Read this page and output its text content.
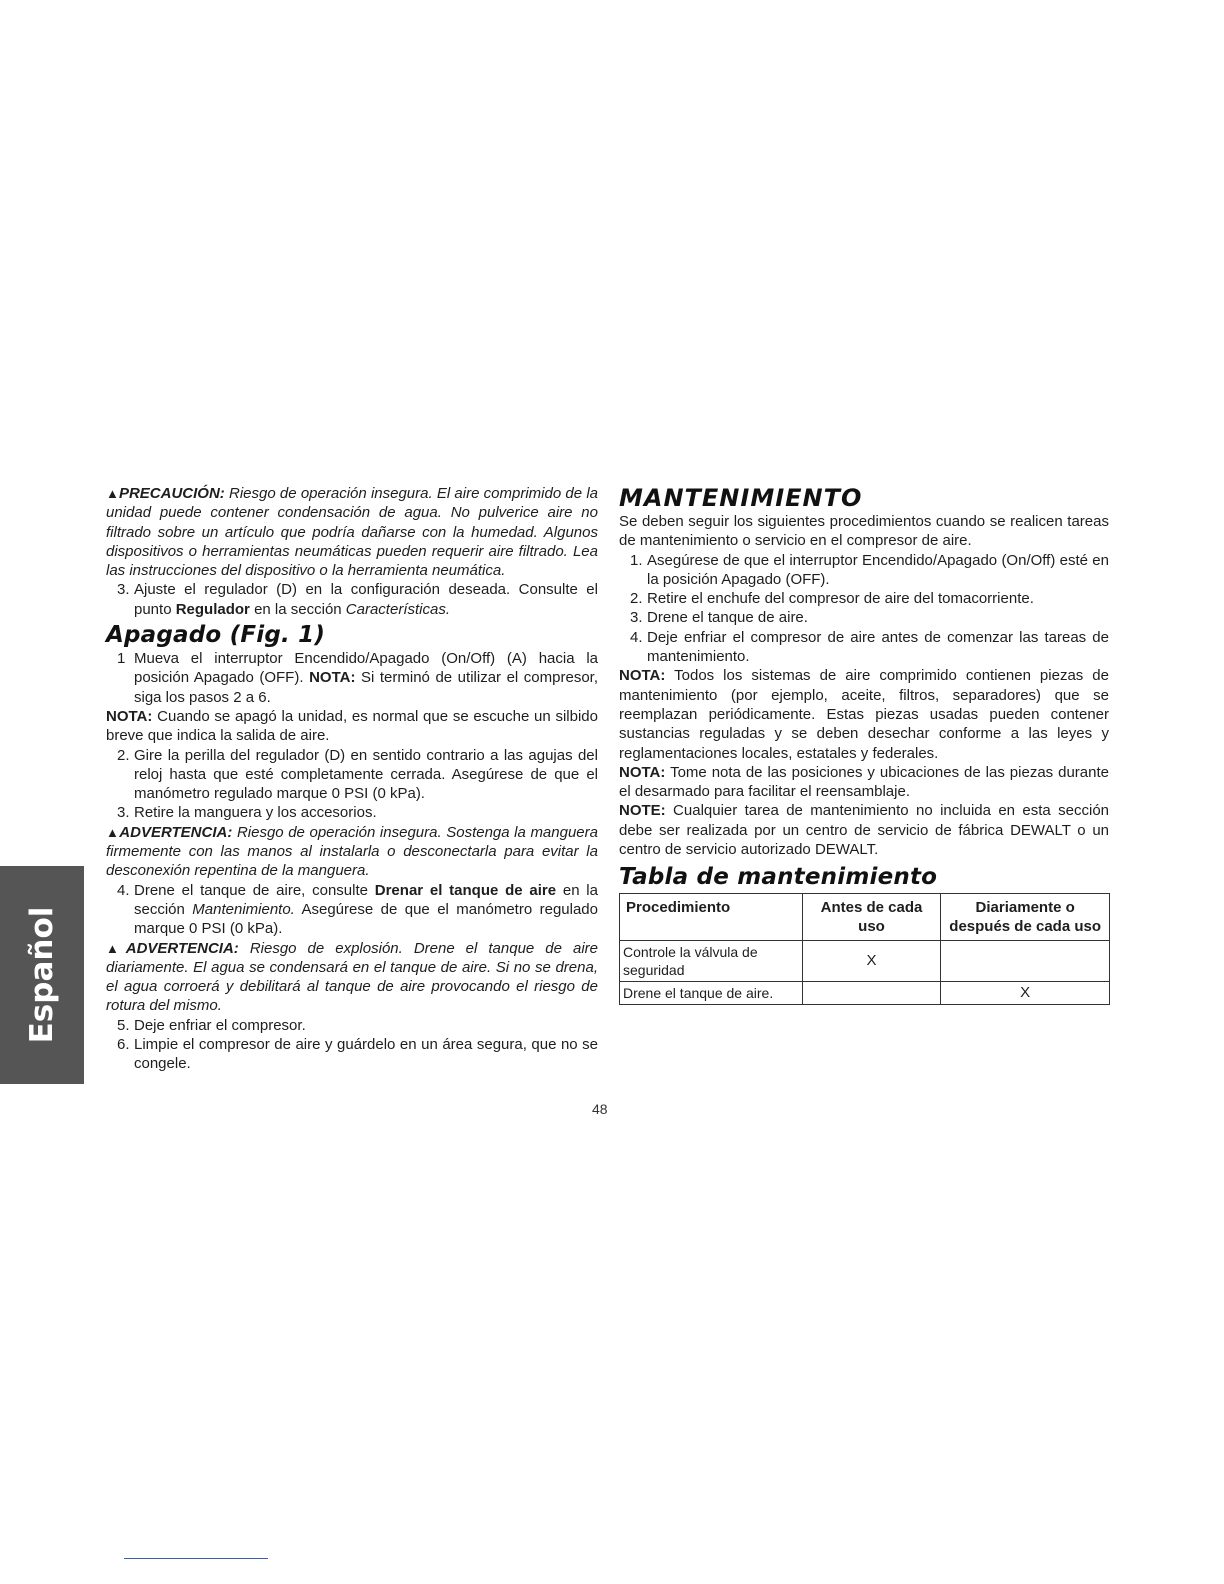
Español

▲PRECAUCIÓN: Riesgo de operación insegura. El aire comprimido de la unidad puede contener condensación de agua. No pulverice aire no filtrado sobre un artículo que podría dañarse con la humedad. Algunos dispositivos o herramientas neumáticas pueden requerir aire filtrado. Lea las instrucciones del dispositivo o la herramienta neumática.

3. Ajuste el regulador (D) en la configuración deseada. Consulte el punto Regulador en la sección Características.
Apagado (Fig. 1)
1 Mueva el interruptor Encendido/Apagado (On/Off) (A) hacia la posición Apagado (OFF). NOTA: Si terminó de utilizar el compresor, siga los pasos 2 a 6.

NOTA: Cuando se apagó la unidad, es normal que se escuche un silbido breve que indica la salida de aire.

2. Gire la perilla del regulador (D) en sentido contrario a las agujas del reloj hasta que esté completamente cerrada. Asegúrese de que el manómetro regulado marque 0 PSI (0 kPa).
3. Retire la manguera y los accesorios.

▲ADVERTENCIA: Riesgo de operación insegura. Sostenga la manguera firmemente con las manos al instalarla o desconectarla para evitar la desconexión repentina de la manguera.

4. Drene el tanque de aire, consulte Drenar el tanque de aire en la sección Mantenimiento. Asegúrese de que el manómetro regulado marque 0 PSI (0 kPa).

▲ADVERTENCIA: Riesgo de explosión. Drene el tanque de aire diariamente. El agua se condensará en el tanque de aire. Si no se drena, el agua corroerá y debilitará al tanque de aire provocando el riesgo de rotura del mismo.

5. Deje enfriar el compresor.
6. Limpie el compresor de aire y guárdelo en un área segura, que no se congele.
MANTENIMIENTO

Se deben seguir los siguientes procedimientos cuando se realicen tareas de mantenimiento o servicio en el compresor de aire.

1. Asegúrese de que el interruptor Encendido/Apagado (On/Off) esté en la posición Apagado (OFF).
2. Retire el enchufe del compresor de aire del tomacorriente.
3. Drene el tanque de aire.
4. Deje enfriar el compresor de aire antes de comenzar las tareas de mantenimiento.

NOTA: Todos los sistemas de aire comprimido contienen piezas de mantenimiento (por ejemplo, aceite, filtros, separadores) que se reemplazan periódicamente. Estas piezas usadas pueden contener sustancias reguladas y se deben desechar conforme a las leyes y reglamentaciones locales, estatales y federales.

NOTA: Tome nota de las posiciones y ubicaciones de las piezas durante el desarmado para facilitar el reensamblaje.

NOTE: Cualquier tarea de mantenimiento no incluida en esta sección debe ser realizada por un centro de servicio de fábrica DEWALT o un centro de servicio autorizado DEWALT.

Tabla de mantenimiento
Procedimiento	Antes de cada uso	Diariamente o después de cada uso
Controle la válvula de seguridad	X	
Drene el tanque de aire.		X
48
